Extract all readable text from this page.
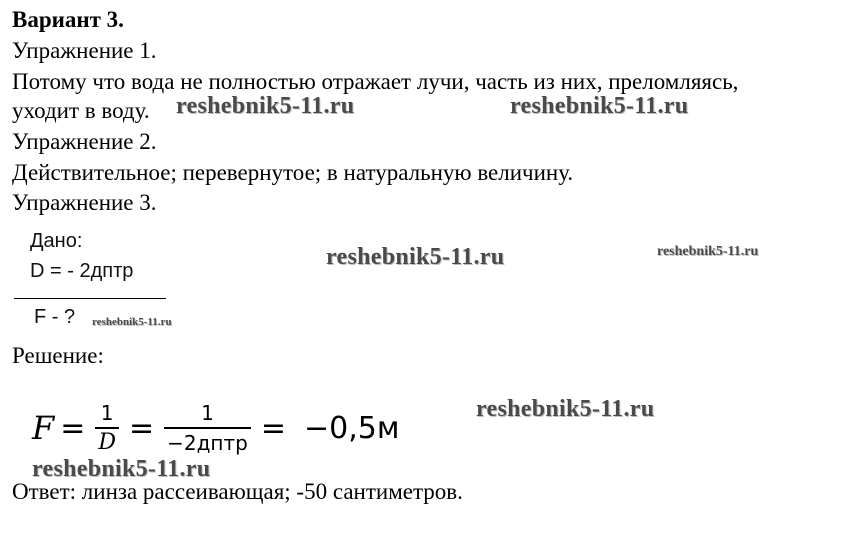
Вариант 3.
Упражнение 1.
Потому что вода не полностью отражает лучи, часть из них, преломляясь,
уходит в воду.
Упражнение 2.
Действительное; перевернутое; в натуральную величину.
Упражнение 3.
Дано:
D = - 2дптр
F - ?
Решение:
$F = \frac{1}{D} = \frac{1}{\text{−2дптр}} = -0,5м$
Ответ: линза рассеивающая; -50 сантиметров.
reshebnik5-11.ru	reshebnik5-11.ru
reshebnik5-11.ru	reshebnik5-11.ru
reshebnik5-11.ru
reshebnik5-11.ru
reshebnik5-11.ru
